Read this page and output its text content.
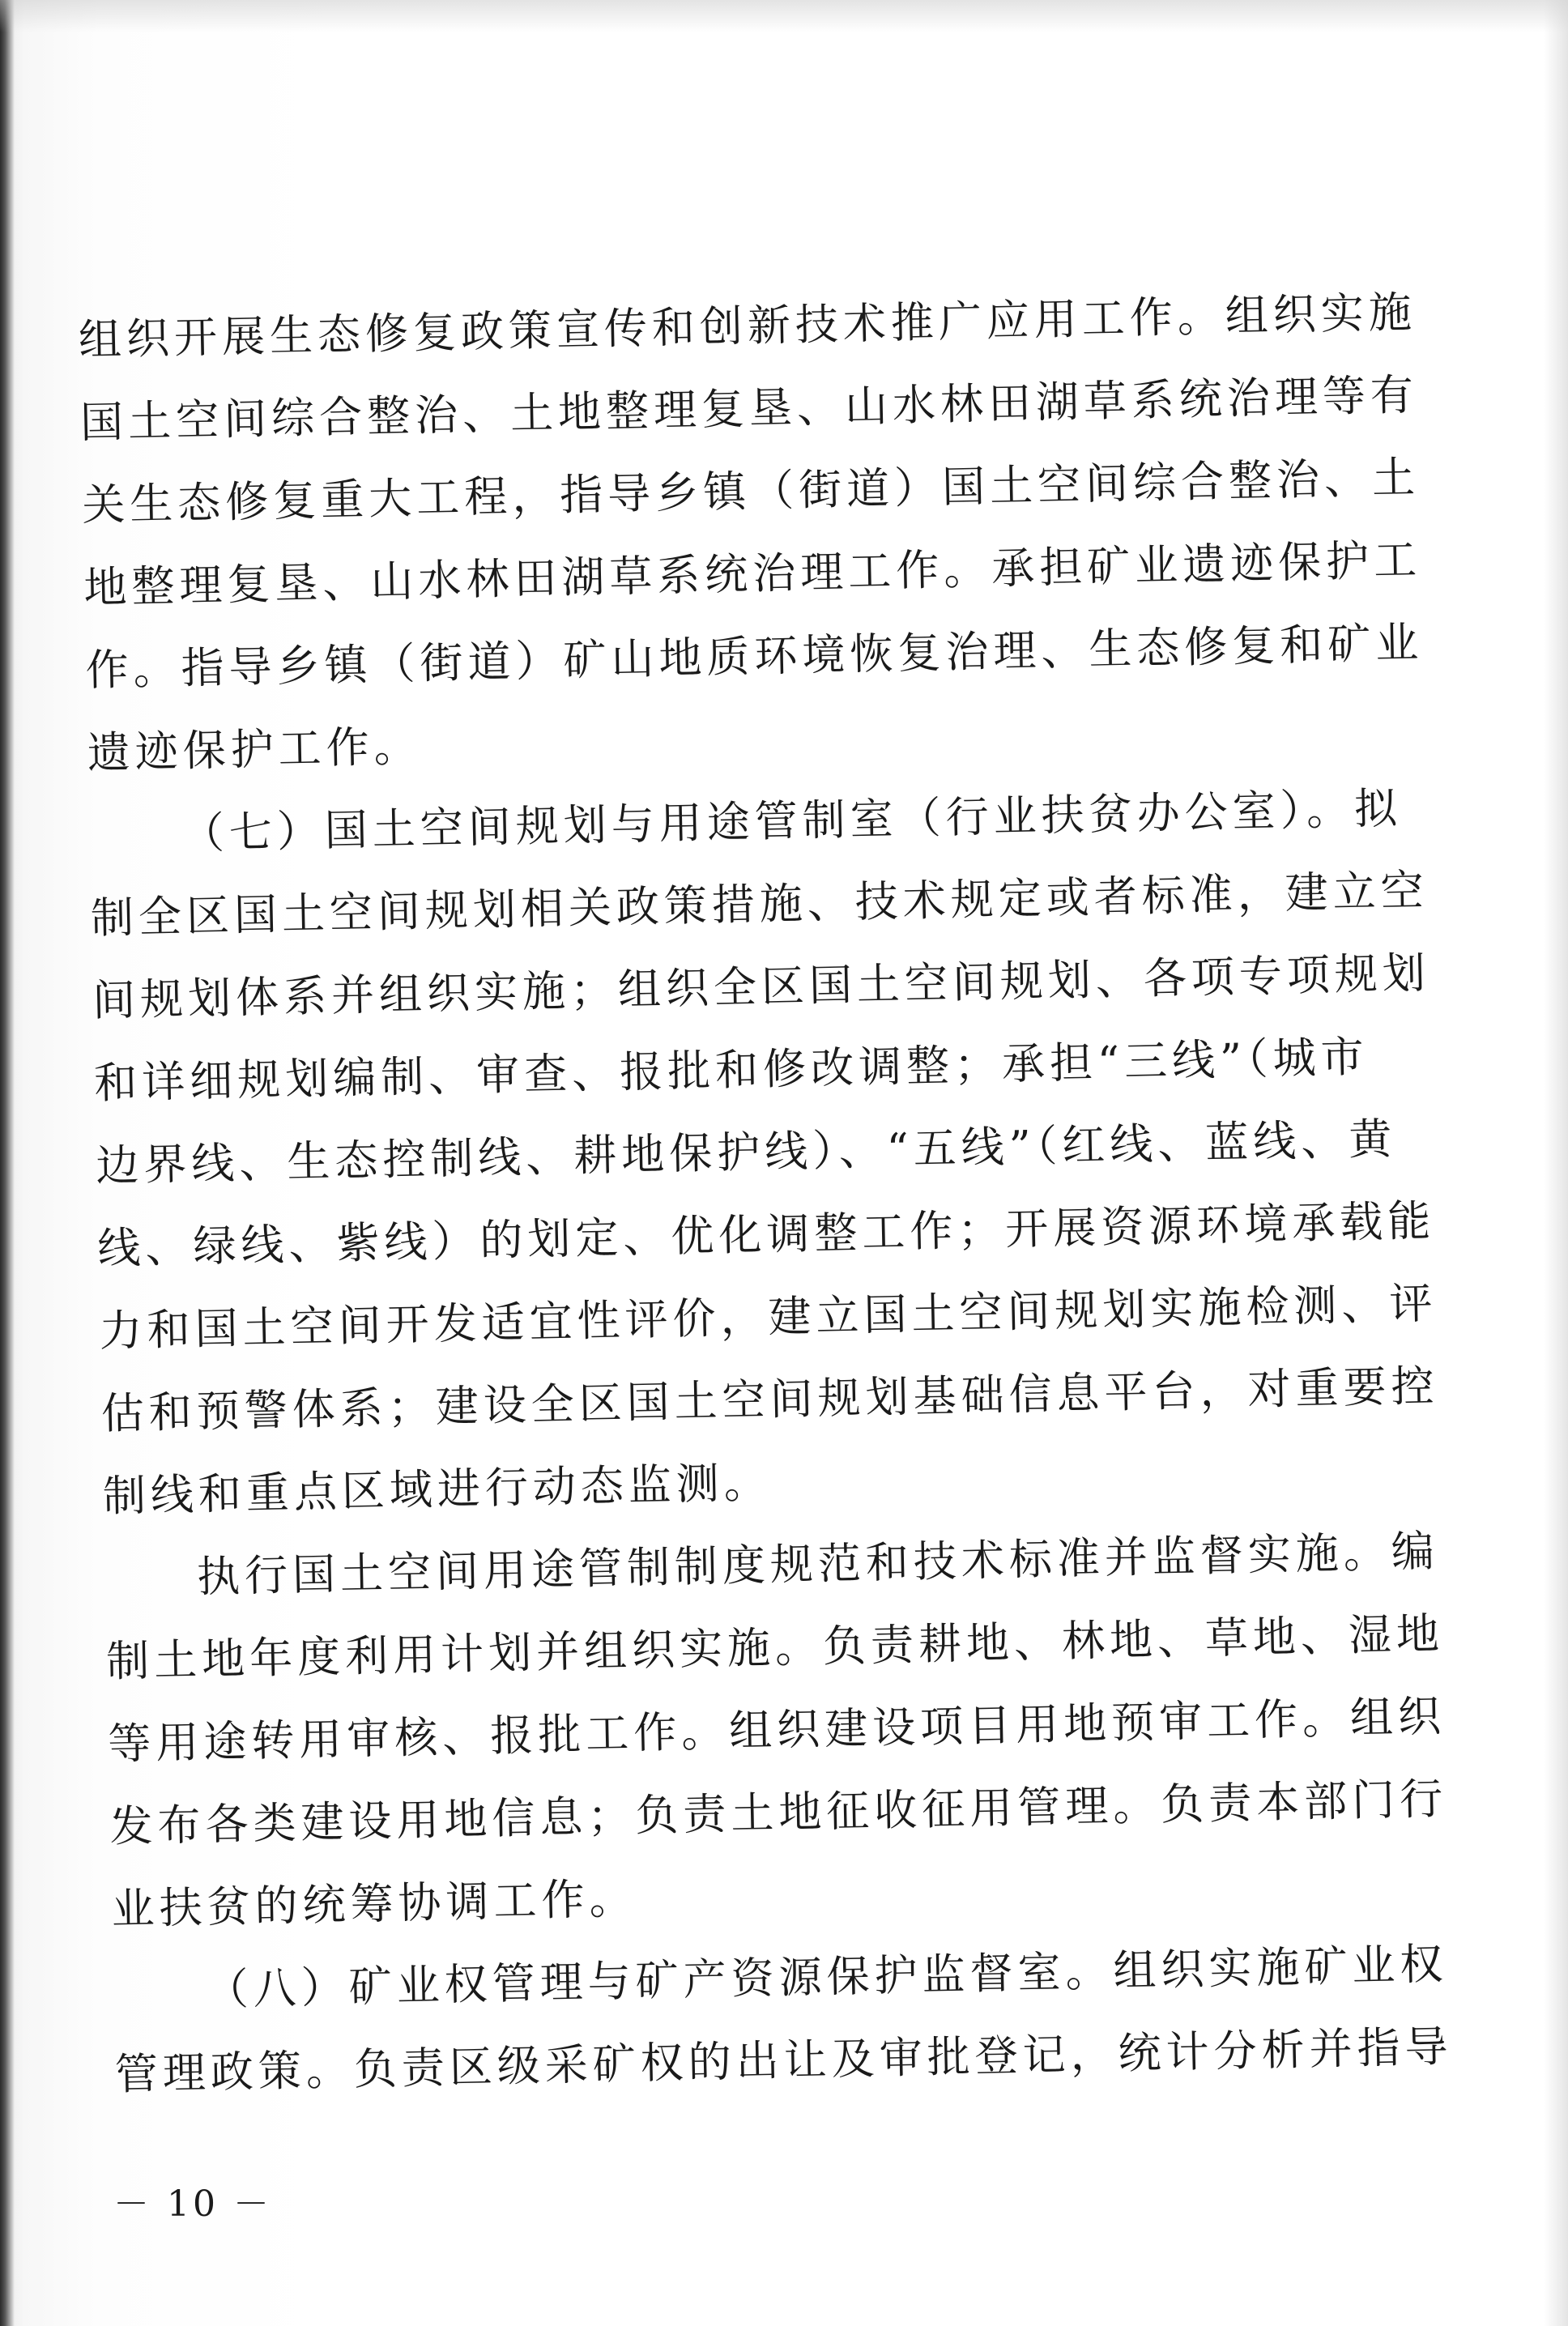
组织开展生态修复政策宣传和创新技术推广应用工作。组织实施
国土空间综合整治、土地整理复垦、山水林田湖草系统治理等有
关生态修复重大工程，指导乡镇（街道）国土空间综合整治、土
地整理复垦、山水林田湖草系统治理工作。承担矿业遗迹保护工
作。指导乡镇（街道）矿山地质环境恢复治理、生态修复和矿业
遗迹保护工作。
（七）国土空间规划与用途管制室（行业扶贫办公室）。拟
制全区国土空间规划相关政策措施、技术规定或者标准，建立空
间规划体系并组织实施；组织全区国土空间规划、各项专项规划
和详细规划编制、审查、报批和修改调整；承担“三线”（城市
边界线、生态控制线、耕地保护线）、“五线”（红线、蓝线、黄
线、绿线、紫线）的划定、优化调整工作；开展资源环境承载能
力和国土空间开发适宜性评价，建立国土空间规划实施检测、评
估和预警体系；建设全区国土空间规划基础信息平台，对重要控
制线和重点区域进行动态监测。
执行国土空间用途管制制度规范和技术标准并监督实施。编
制土地年度利用计划并组织实施。负责耕地、林地、草地、湿地
等用途转用审核、报批工作。组织建设项目用地预审工作。组织
发布各类建设用地信息；负责土地征收征用管理。负责本部门行
业扶贫的统筹协调工作。
（八）矿业权管理与矿产资源保护监督室。组织实施矿业权
管理政策。负责区级采矿权的出让及审批登记，统计分析并指导
－ 10 －
